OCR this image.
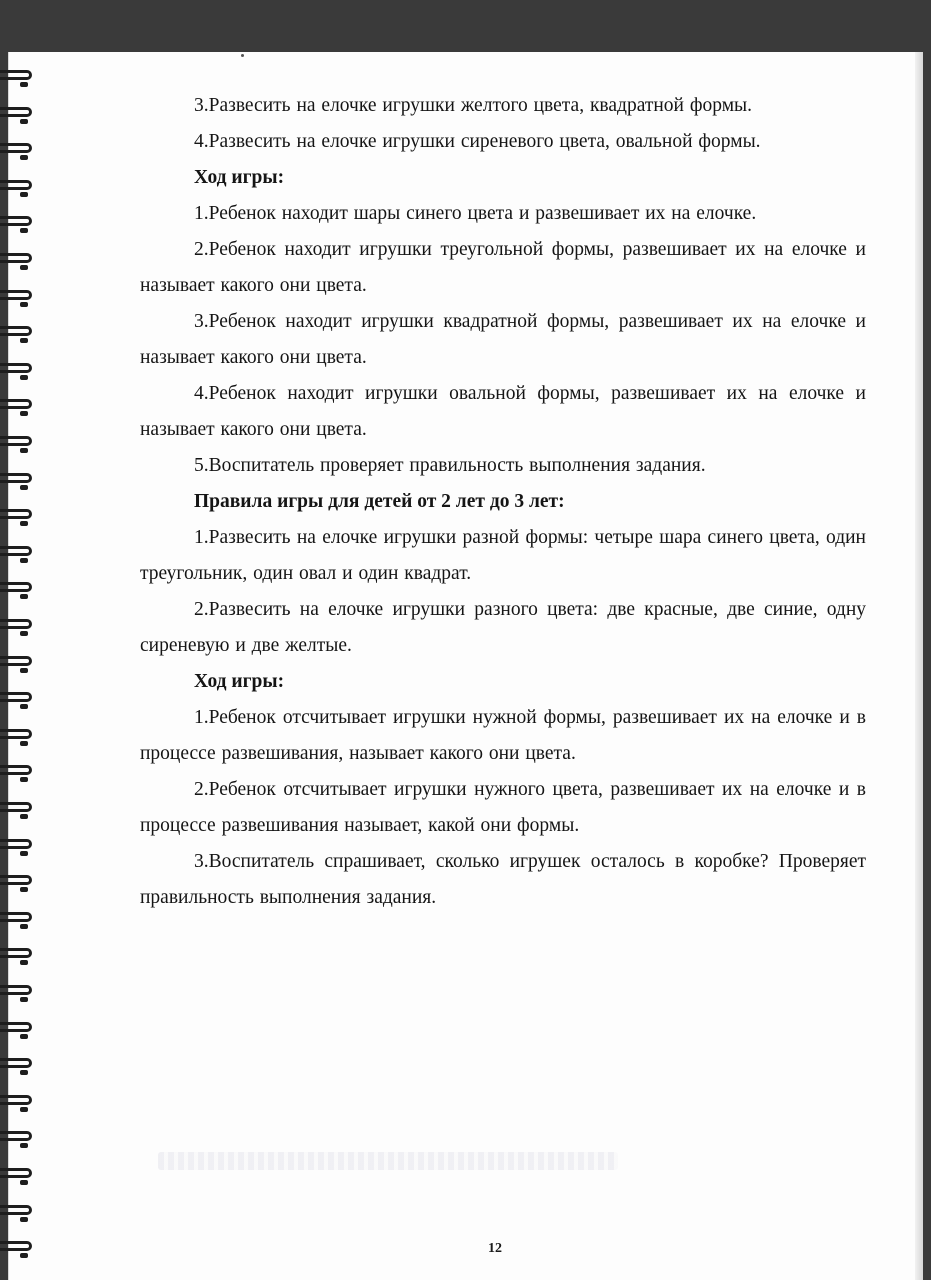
3.Развесить на елочке игрушки желтого цвета, квадратной формы.

4.Развесить на елочке игрушки сиреневого цвета, овальной формы.

Ход игры:

1.Ребенок находит шары синего цвета и развешивает их на елочке.

2.Ребенок находит игрушки треугольной формы, развешивает их на елочке и называет какого они цвета.

3.Ребенок находит игрушки квадратной формы, развешивает их на елочке и называет какого они цвета.

4.Ребенок находит игрушки овальной формы, развешивает их на елочке и называет какого они цвета.

5.Воспитатель проверяет правильность выполнения задания.

Правила игры для детей от 2 лет до 3 лет:

1.Развесить на елочке игрушки разной формы: четыре шара синего цвета, один треугольник, один овал и один квадрат.

2.Развесить на елочке игрушки разного цвета: две красные, две синие, одну сиреневую и две желтые.

Ход игры:

1.Ребенок отсчитывает игрушки нужной формы, развешивает их на елочке и в процессе развешивания, называет какого они цвета.

2.Ребенок отсчитывает игрушки нужного цвета, развешивает их на елочке и в процессе развешивания называет, какой они формы.

3.Воспитатель спрашивает, сколько игрушек осталось в коробке? Проверяет правильность выполнения задания.

12
